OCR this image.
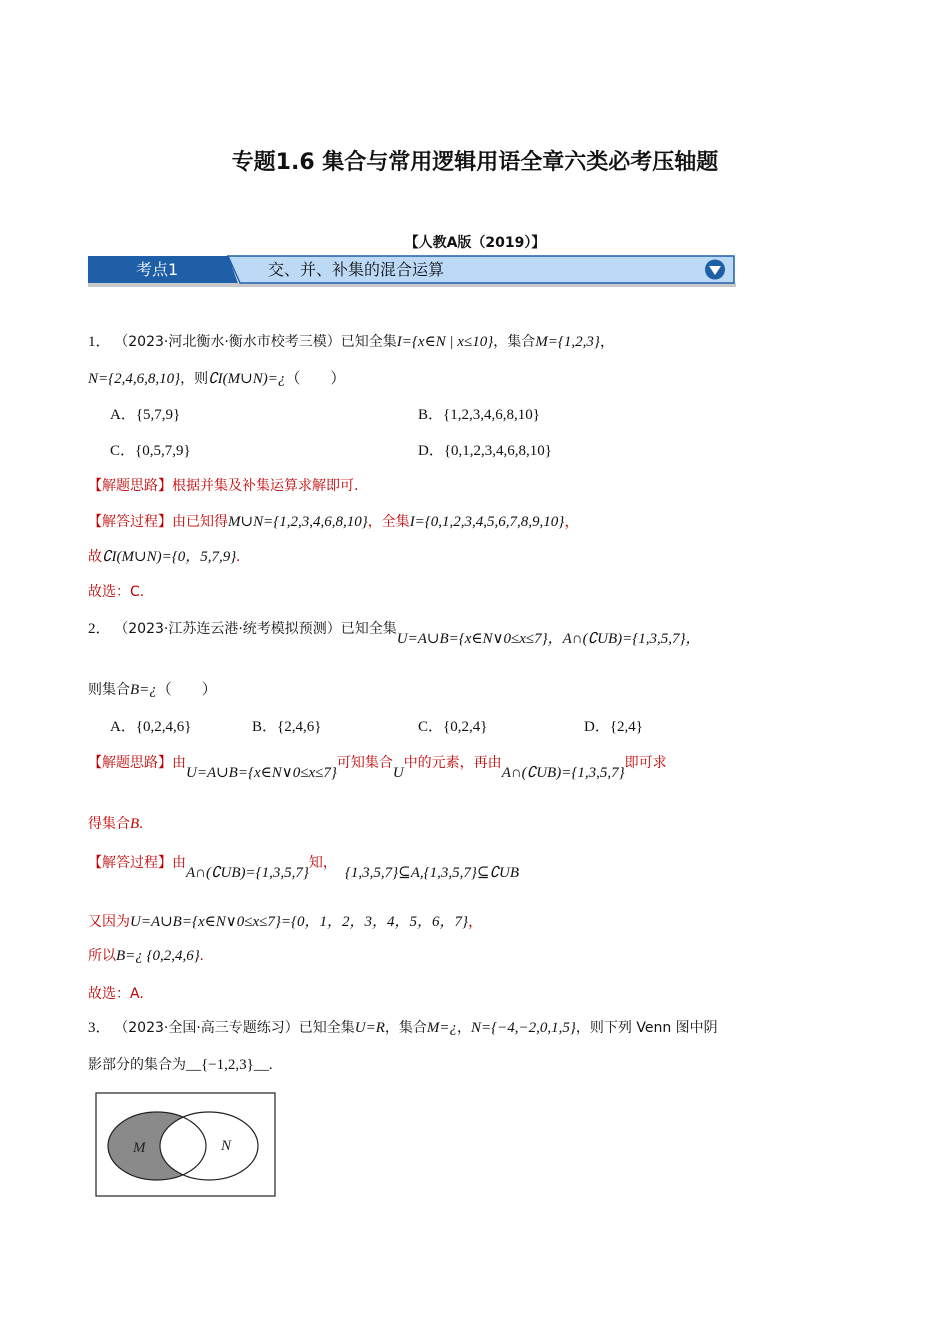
专题1.6 集合与常用逻辑用语全章六类必考压轴题
【人教A版（2019）】
考点1	交、并、补集的混合运算
1． （2023·河北衡水·衡水市校考三模）已知全集I={x∈N | x≤10}，集合M={1,2,3}，
N={2,4,6,8,10}，则∁I(M∪N)=¿（　　）
A．{5,7,9}	B．{1,2,3,4,6,8,10}
C．{0,5,7,9}	D．{0,1,2,3,4,6,8,10}
【解题思路】根据并集及补集运算求解即可.
【解答过程】由已知得M∪N={1,2,3,4,6,8,10}，全集I={0,1,2,3,4,5,6,7,8,9,10}，
故∁I(M∪N)={0，5,7,9}.
故选：C.
2． （2023·江苏连云港·统考模拟预测）已知全集U=A∪B={x∈N∨0≤x≤7}，A∩(∁UB)={1,3,5,7}，
则集合B=¿（　　）
A．{0,2,4,6}	B．{2,4,6}	C．{0,2,4}	D．{2,4}
【解题思路】由U=A∪B={x∈N∨0≤x≤7}可知集合U中的元素，再由A∩(∁UB)={1,3,5,7}即可求
得集合B.
【解答过程】由A∩(∁UB)={1,3,5,7}知，{1,3,5,7}⊆A,{1,3,5,7}⊆∁UB
又因为U=A∪B={x∈N∨0≤x≤7}={0，1，2，3，4，5，6，7}，
所以B=¿ {0,2,4,6}.
故选：A.
3． （2023·全国·高三专题练习）已知全集U=R，集合M=¿，N={−4,−2,0,1,5}，则下列 Venn 图中阴
影部分的集合为__{−1,2,3}__.
M	N
